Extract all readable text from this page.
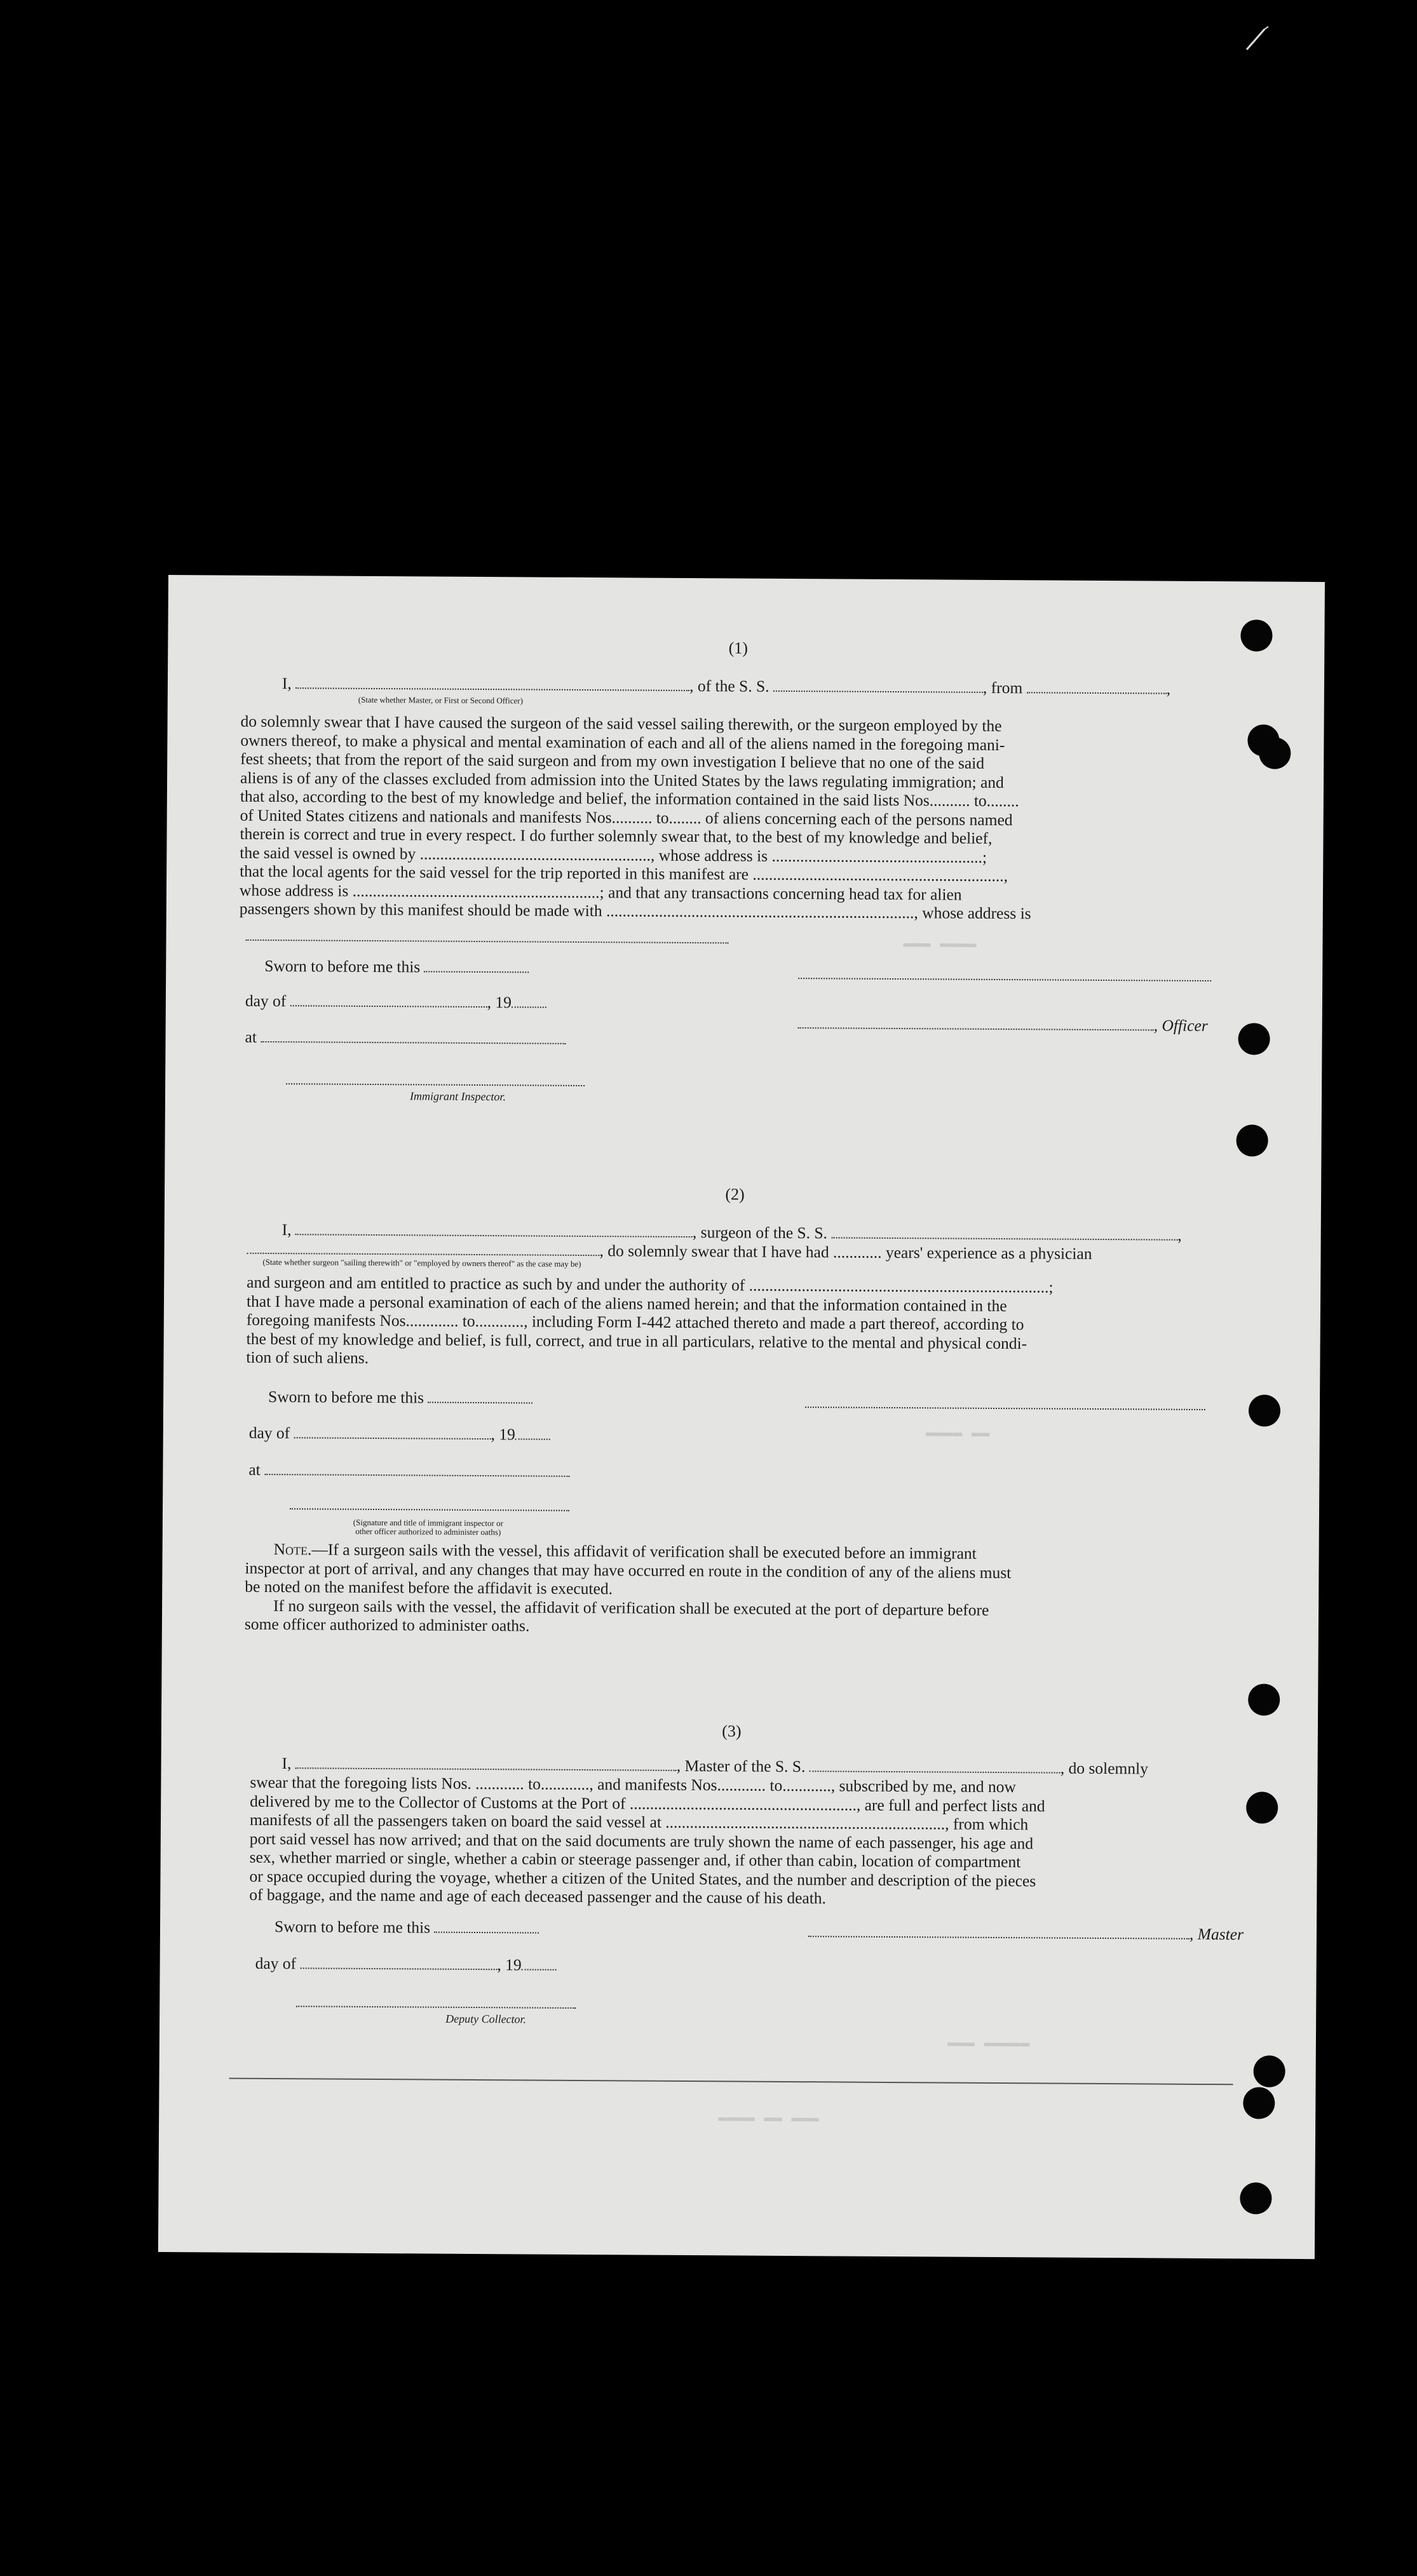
▬▬▬ ▬▬▬▬
▬▬▬▬ ▬▬
▬▬▬ ▬▬▬▬▬
▬▬▬▬ ▬▬ ▬▬▬
(1)
I,	, of the S. S.	, from	,
(State whether Master, or First or Second Officer)

do solemnly swear that I have caused the surgeon of the said vessel sailing therewith, or the surgeon employed by the

owners thereof, to make a physical and mental examination of each and all of the aliens named in the foregoing mani-

fest sheets; that from the report of the said surgeon and from my own investigation I believe that no one of the said

aliens is of any of the classes excluded from admission into the United States by the laws regulating immigration; and

that also, according to the best of my knowledge and belief, the information contained in the said lists Nos.......... to........

of United States citizens and nationals and manifests Nos.......... to........ of aliens concerning each of the persons named

therein is correct and true in every respect. I do further solemnly swear that, to the best of my knowledge and belief,

the said vessel is owned by ........................................................., whose address is ....................................................;

that the local agents for the said vessel for the trip reported in this manifest are ..............................................................,

whose address is .............................................................; and that any transactions concerning head tax for alien

passengers shown by this manifest should be made with ............................................................................, whose address is

Sworn to before me this
day of	, 19
at
Immigrant Inspector.
, Officer
(2)
I,	, surgeon of the S. S.	,
, do solemnly swear that I have had ............ years' experience as a physician
(State whether surgeon "sailing therewith" or "employed by owners thereof" as the case may be)

and surgeon and am entitled to practice as such by and under the authority of ..........................................................................;

that I have made a personal examination of each of the aliens named herein; and that the information contained in the

foregoing manifests Nos............. to............, including Form I-442 attached thereto and made a part thereof, according to

the best of my knowledge and belief, is full, correct, and true in all particulars, relative to the mental and physical condi-

tion of such aliens.

Sworn to before me this
day of	, 19
at
(Signature and title of immigrant inspector or
other officer authorized to administer oaths)

Note.—If a surgeon sails with the vessel, this affidavit of verification shall be executed before an immigrant

inspector at port of arrival, and any changes that may have occurred en route in the condition of any of the aliens must

be noted on the manifest before the affidavit is executed.

If no surgeon sails with the vessel, the affidavit of verification shall be executed at the port of departure before

some officer authorized to administer oaths.

(3)
I,	, Master of the S. S.	, do solemnly

swear that the foregoing lists Nos. ............ to............, and manifests Nos............ to............, subscribed by me, and now

delivered by me to the Collector of Customs at the Port of ........................................................, are full and perfect lists and

manifests of all the passengers taken on board the said vessel at ....................................................................., from which

port said vessel has now arrived; and that on the said documents are truly shown the name of each passenger, his age and

sex, whether married or single, whether a cabin or steerage passenger and, if other than cabin, location of compartment

or space occupied during the voyage, whether a citizen of the United States, and the number and description of the pieces

of baggage, and the name and age of each deceased passenger and the cause of his death.

Sworn to before me this	, Master
day of	, 19
Deputy Collector.
